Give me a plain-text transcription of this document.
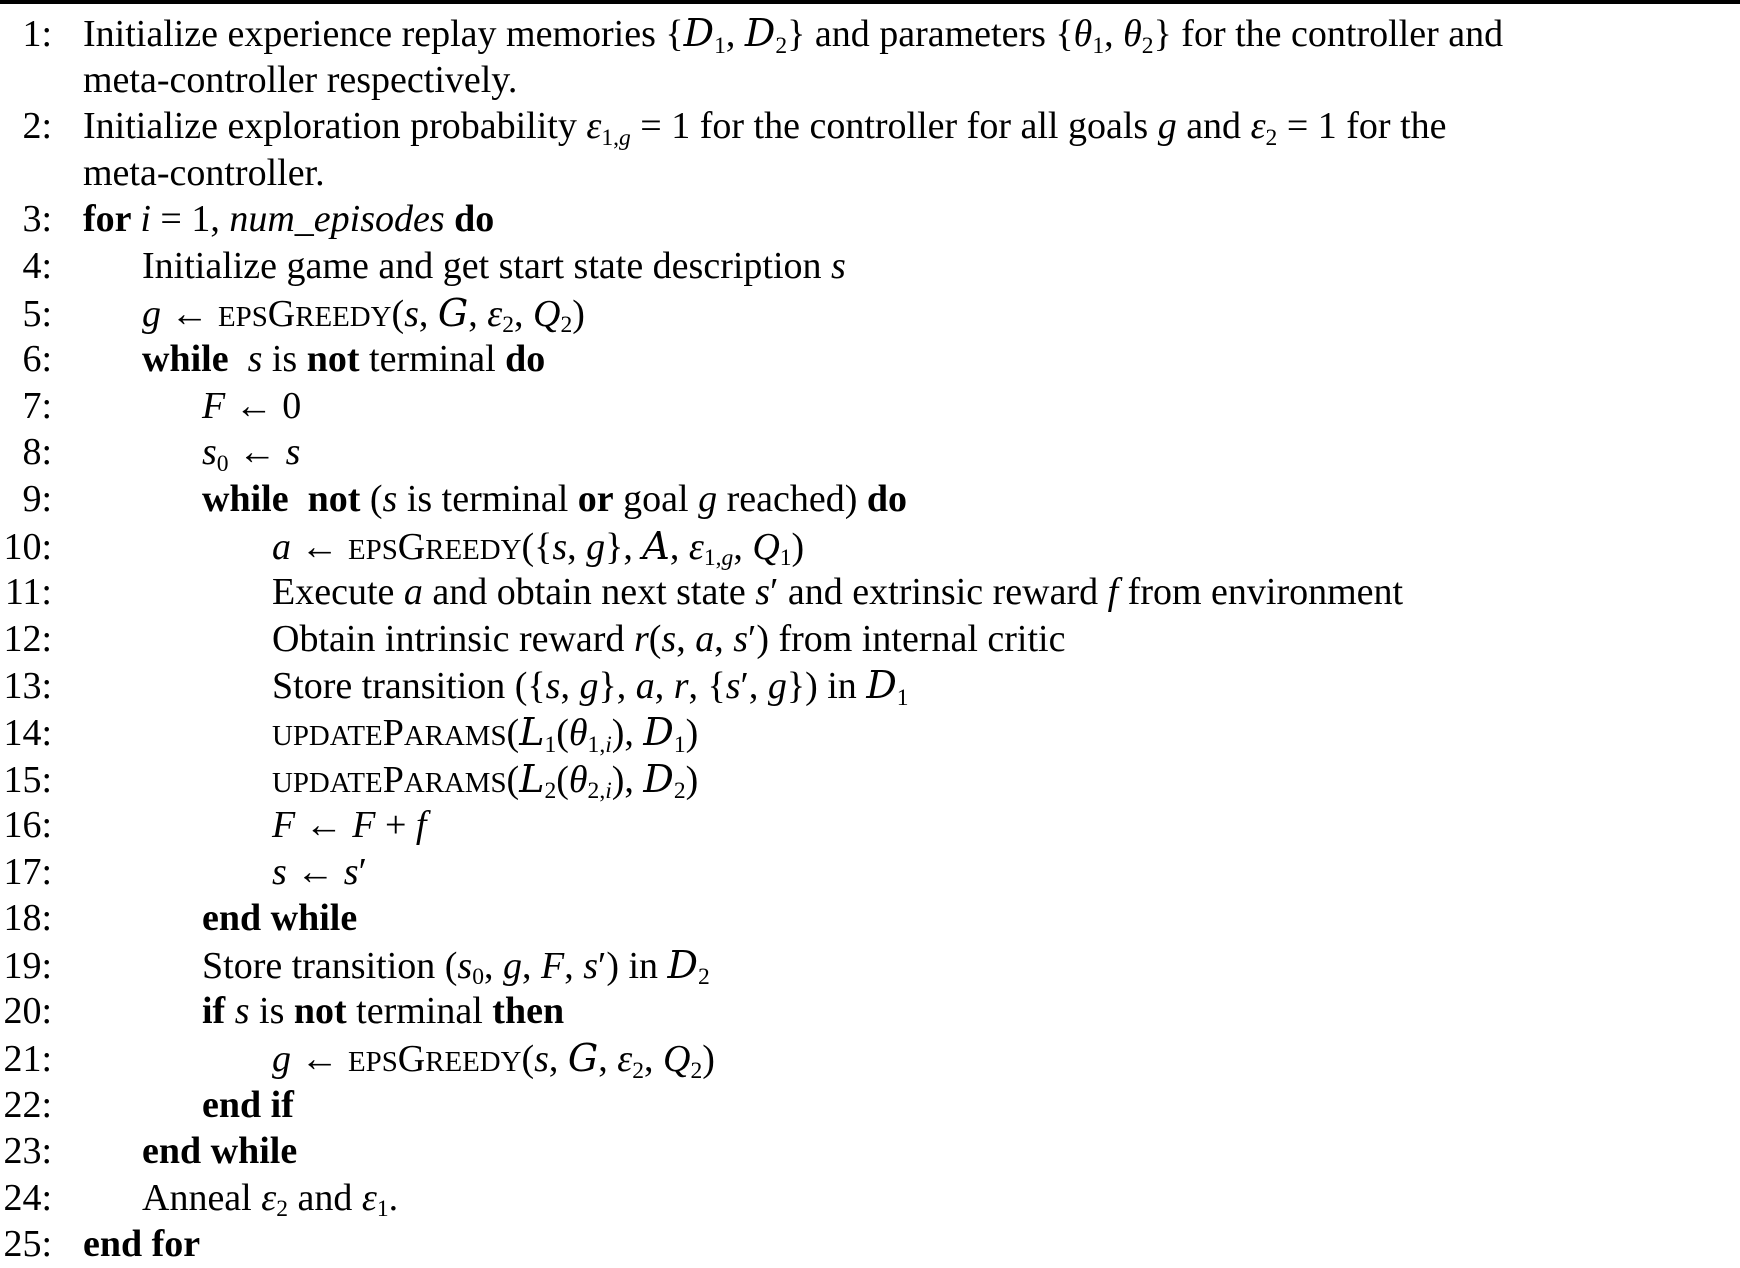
1: Initialize experience replay memories {$D_1$, $D_2$} and parameters {$\theta_1$, $\theta_2$} for the controller and
meta-controller respectively.
2: Initialize exploration probability $\varepsilon_{1,g} = 1$ for the controller for all goals g and $\varepsilon_2 = 1$ for the
meta-controller.
3: for i = 1, num_episodes do
4:	Initialize game and get start state description s
5:	g ← EPSGREEDY(s, G, $\varepsilon_2$, $Q_2$)
6:	while  s is not terminal do
7:	F ← 0
8:	$s_0$ ← s
9:	while  not (s is terminal or goal g reached) do
10:	a ← EPSGREEDY({s, g}, A, $\varepsilon_{1,g}$, $Q_1$)
11:	Execute a and obtain next state s′ and extrinsic reward f from environment
12:	Obtain intrinsic reward r(s, a, s′) from internal critic
13:	Store transition ({s, g}, a, r, {s′, g}) in $D_1$
14:	$UPDATEPARAMS(L_1(\theta_{1,i})$, $D_1$)
15:	$UPDATEPARAMS(L_2(\theta_{2,i})$, $D_2$)
16:	F ← F + f
17:	s ← s′
18:	end while
19:	Store transition ($s_0$, g, F, s′) in $D_2$
20:	if s is not terminal then
21:	g ← EPSGREEDY(s, G, $\varepsilon_2$, $Q_2$)
22:	end if
23:	end while
24:	Anneal $\varepsilon_2$ and $\varepsilon_1$.
25: end for
